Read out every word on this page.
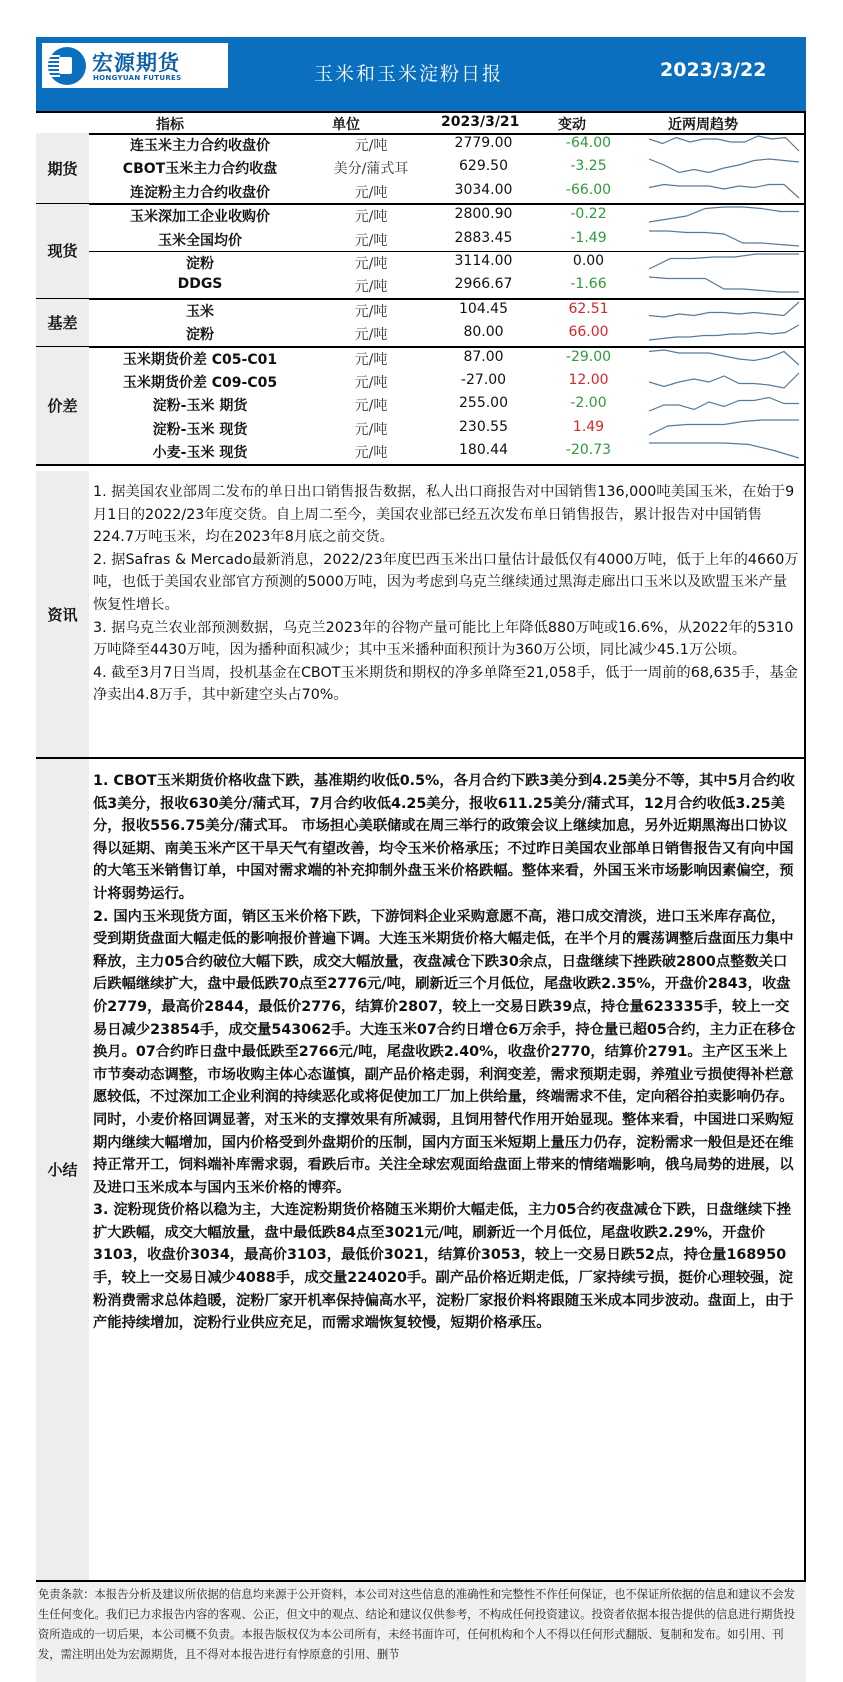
宏源期货
HONGYUAN FUTURES	玉米和玉米淀粉日报	2023/3/22
指标	单位	2023/3/21	变动	近两周趋势
资讯
1. 据美国农业部周二发布的单日出口销售报告数据，私人出口商报告对中国销售136,000吨美国玉米，在始于9月1日的2022/23年度交货。自上周二至今，美国农业部已经五次发布单日销售报告，累计报告对中国销售224.7万吨玉米，均在2023年8月底之前交货。
2. 据Safras & Mercado最新消息，2022/23年度巴西玉米出口量估计最低仅有4000万吨，低于上年的4660万吨，也低于美国农业部官方预测的5000万吨，因为考虑到乌克兰继续通过黑海走廊出口玉米以及欧盟玉米产量恢复性增长。
3. 据乌克兰农业部预测数据，乌克兰2023年的谷物产量可能比上年降低880万吨或16.6%，从2022年的5310万吨降至4430万吨，因为播种面积减少；其中玉米播种面积预计为360万公顷，同比减少45.1万公顷。
4. 截至3月7日当周，投机基金在CBOT玉米期货和期权的净多单降至21,058手，低于一周前的68,635手，基金净卖出4.8万手，其中新建空头占70%。
小结
1. CBOT玉米期货价格收盘下跌，基准期约收低0.5%，各月合约下跌3美分到4.25美分不等，其中5月合约收低3美分，报收630美分/蒲式耳，7月合约收低4.25美分，报收611.25美分/蒲式耳，12月合约收低3.25美分，报收556.75美分/蒲式耳。 市场担心美联储或在周三举行的政策会议上继续加息，另外近期黑海出口协议得以延期、南美玉米产区干旱天气有望改善，均令玉米价格承压；不过昨日美国农业部单日销售报告又有向中国的大笔玉米销售订单，中国对需求端的补充抑制外盘玉米价格跌幅。整体来看，外国玉米市场影响因素偏空，预计将弱势运行。
2. 国内玉米现货方面，销区玉米价格下跌，下游饲料企业采购意愿不高，港口成交清淡，进口玉米库存高位，受到期货盘面大幅走低的影响报价普遍下调。大连玉米期货价格大幅走低，在半个月的震荡调整后盘面压力集中释放，主力05合约破位大幅下跌，成交大幅放量，夜盘减仓下跌30余点，日盘继续下挫跌破2800点整数关口后跌幅继续扩大，盘中最低跌70点至2776元/吨，刷新近三个月低位，尾盘收跌2.35%，开盘价2843，收盘价2779，最高价2844，最低价2776，结算价2807，较上一交易日跌39点，持仓量623335手，较上一交易日减少23854手，成交量543062手。大连玉米07合约日增仓6万余手，持仓量已超05合约，主力正在移仓换月。07合约昨日盘中最低跌至2766元/吨，尾盘收跌2.40%，收盘价2770，结算价2791。主产区玉米上市节奏动态调整，市场收购主体心态谨慎，副产品价格走弱，利润变差，需求预期走弱，养殖业亏损使得补栏意愿较低，不过深加工企业利润的持续恶化或将促使加工厂加上供给量，终端需求不佳，定向稻谷拍卖影响仍存。同时，小麦价格回调显著，对玉米的支撑效果有所减弱，且饲用替代作用开始显现。整体来看，中国进口采购短期内继续大幅增加，国内价格受到外盘期价的压制，国内方面玉米短期上量压力仍存，淀粉需求一般但是还在维持正常开工，饲料端补库需求弱，看跌后市。关注全球宏观面给盘面上带来的情绪端影响，俄乌局势的进展，以及进口玉米成本与国内玉米价格的博弈。
3. 淀粉现货价格以稳为主，大连淀粉期货价格随玉米期价大幅走低，主力05合约夜盘减仓下跌，日盘继续下挫扩大跌幅，成交大幅放量，盘中最低跌84点至3021元/吨，刷新近一个月低位，尾盘收跌2.29%，开盘价3103，收盘价3034，最高价3103，最低价3021，结算价3053，较上一交易日跌52点，持仓量168950手，较上一交易日减少4088手，成交量224020手。副产品价格近期走低，厂家持续亏损，挺价心理较强，淀粉消费需求总体趋暖，淀粉厂家开机率保持偏高水平，淀粉厂家报价料将跟随玉米成本同步波动。盘面上，由于产能持续增加，淀粉行业供应充足，而需求端恢复较慢，短期价格承压。
免责条款：本报告分析及建议所依据的信息均来源于公开资料，本公司对这些信息的准确性和完整性不作任何保证，也不保证所依据的信息和建议不会发生任何变化。我们已力求报告内容的客观、公正，但文中的观点、结论和建议仅供参考，不构成任何投资建议。投资者依据本报告提供的信息进行期货投资所造成的一切后果，本公司概不负责。本报告版权仅为本公司所有，未经书面许可，任何机构和个人不得以任何形式翻版、复制和发布。如引用、刊发，需注明出处为宏源期货，且不得对本报告进行有悖原意的引用、删节
期货
连玉米主力合约收盘价	元/吨	2779.00	-64.00
CBOT玉米主力合约收盘	美分/蒲式耳	629.50	-3.25
连淀粉主力合约收盘价	元/吨	3034.00	-66.00
现货
玉米深加工企业收购价	元/吨	2800.90	-0.22
玉米全国均价	元/吨	2883.45	-1.49
淀粉	元/吨	3114.00	0.00
DDGS	元/吨	2966.67	-1.66
基差
玉米	元/吨	104.45	62.51
淀粉	元/吨	80.00	66.00
价差
玉米期货价差 C05-C01	元/吨	87.00	-29.00
玉米期货价差 C09-C05	元/吨	-27.00	12.00
淀粉-玉米 期货	元/吨	255.00	-2.00
淀粉-玉米 现货	元/吨	230.55	1.49
小麦-玉米 现货	元/吨	180.44	-20.73
